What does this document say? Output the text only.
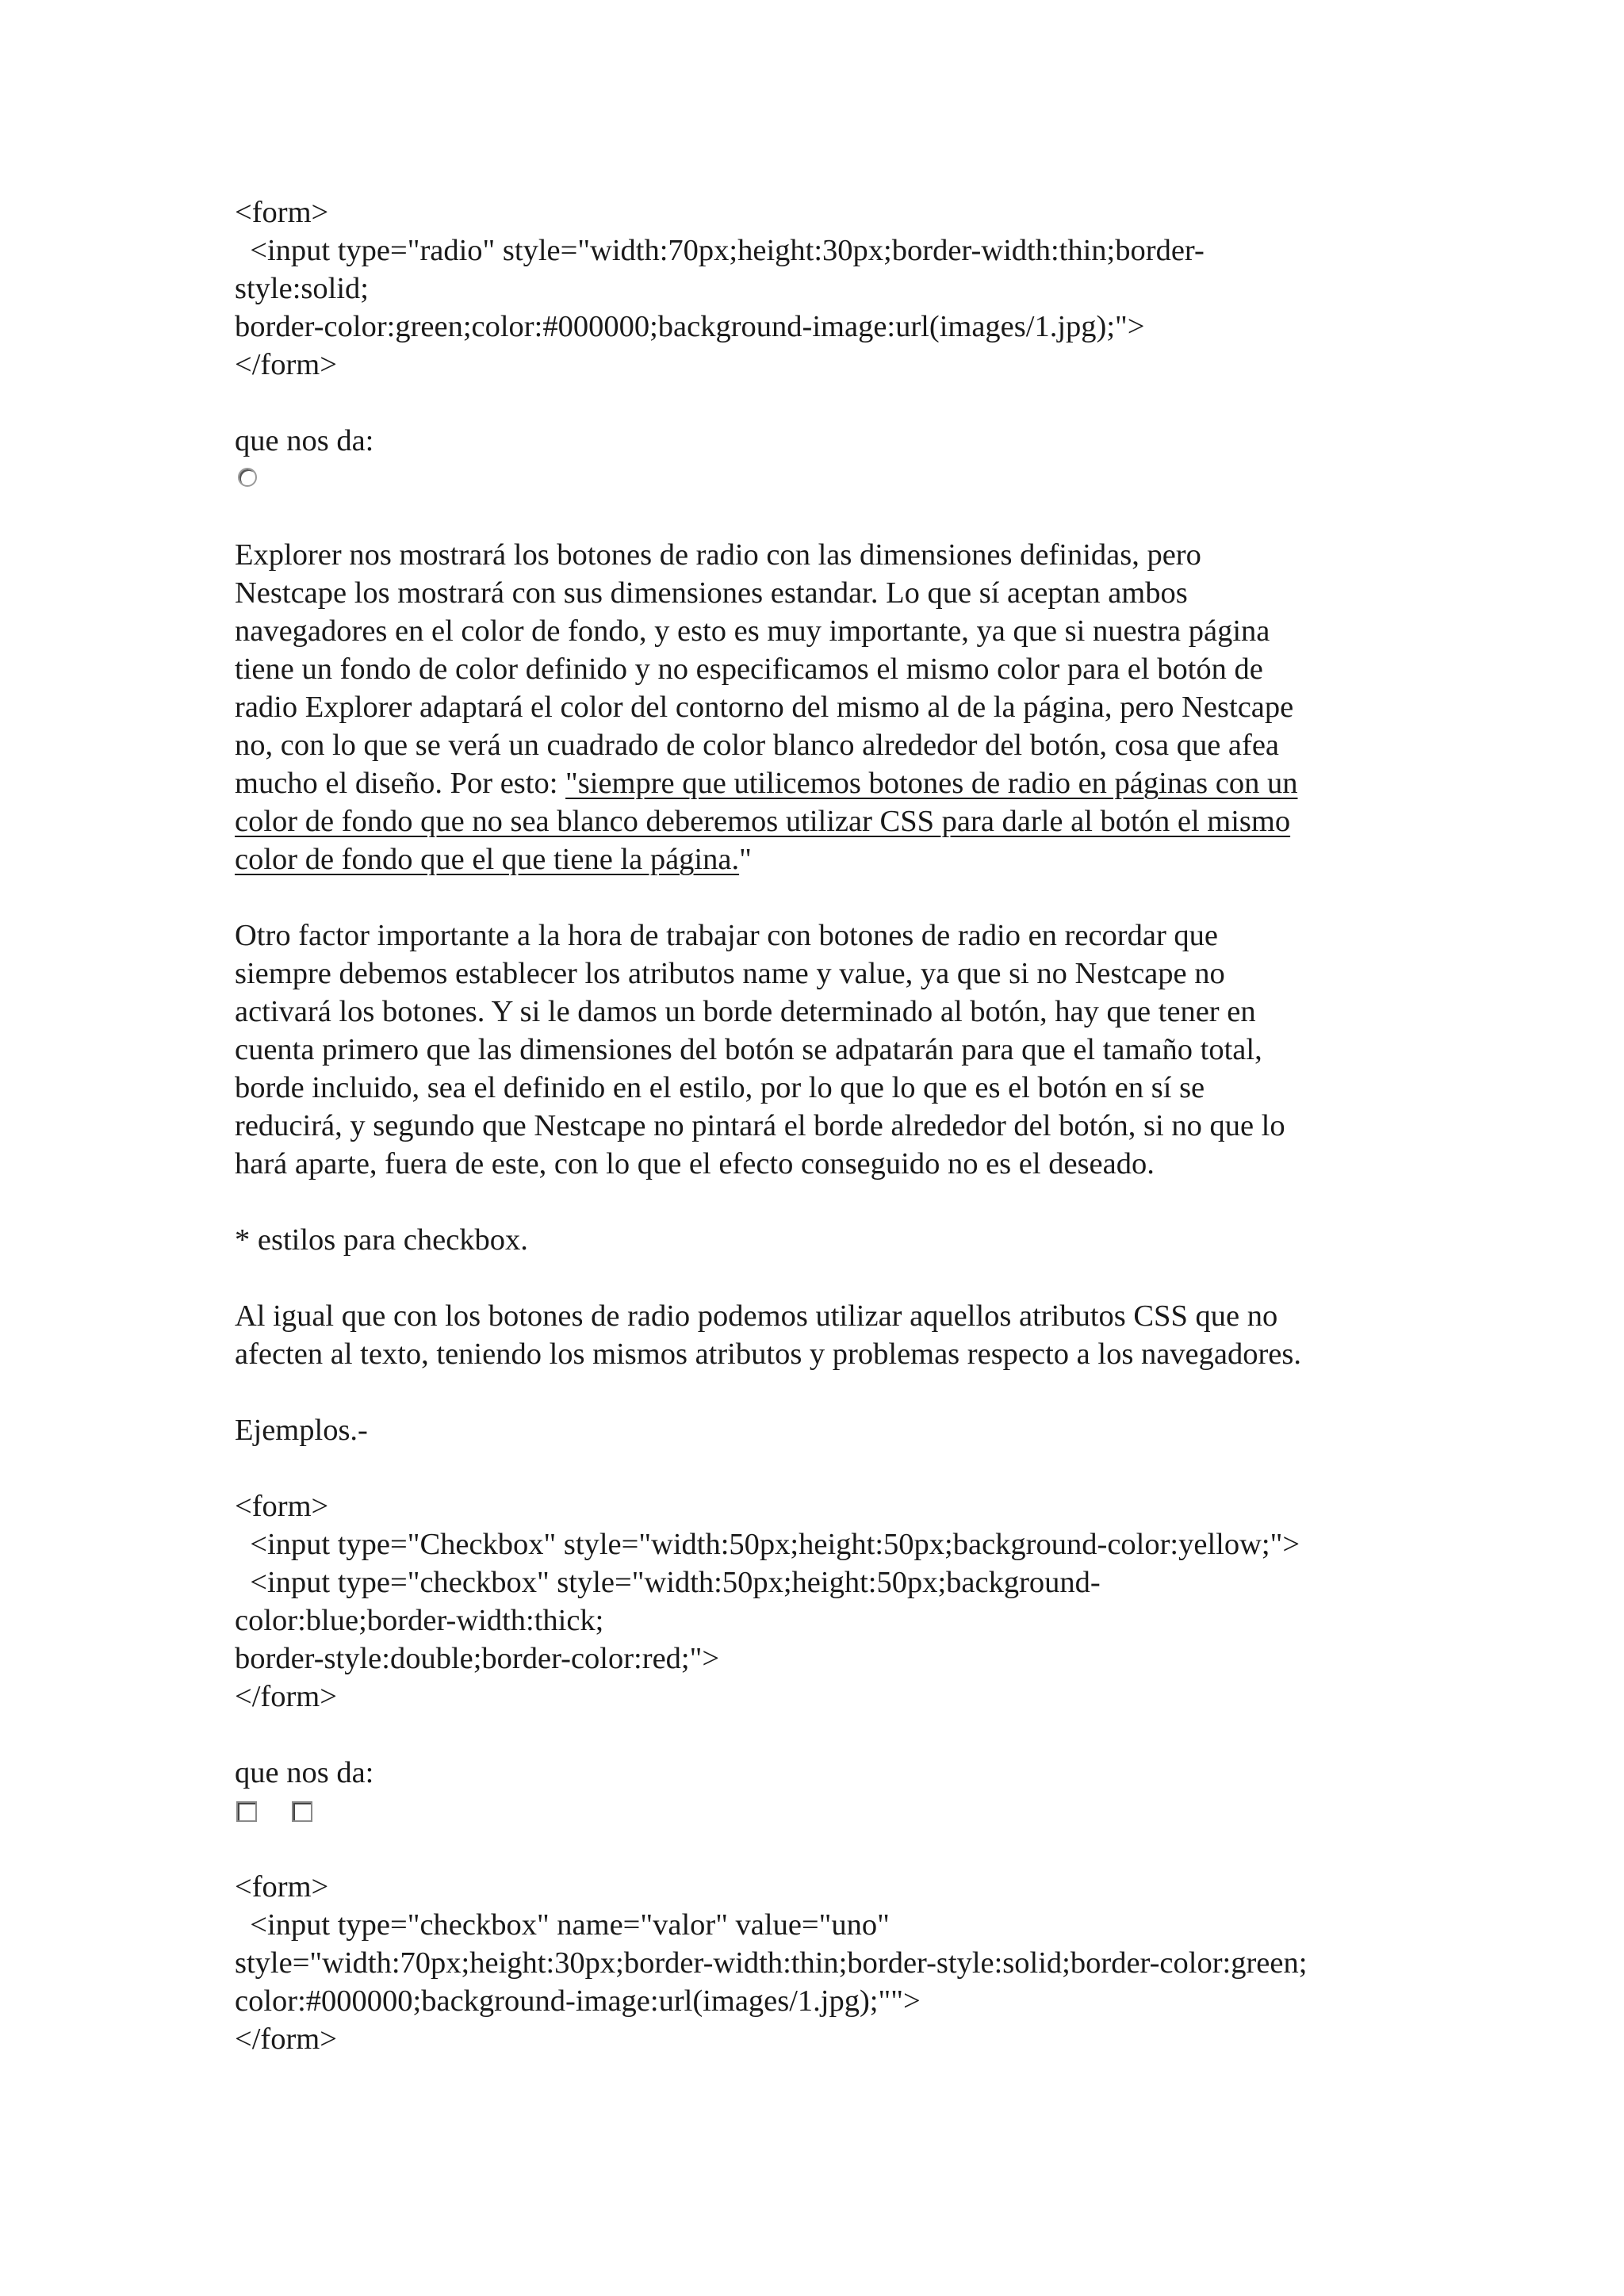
<form>
<input type="radio" style="width:70px;height:30px;border-width:thin;border-
style:solid;
border-color:green;color:#000000;background-image:url(images/1.jpg);">
</form>
que nos da:
Explorer nos mostrará los botones de radio con las dimensiones definidas, pero
Nestcape los mostrará con sus dimensiones estandar. Lo que sí aceptan ambos
navegadores en el color de fondo, y esto es muy importante, ya que si nuestra página
tiene un fondo de color definido y no especificamos el mismo color para el botón de
radio Explorer adaptará el color del contorno del mismo al de la página, pero Nestcape
no, con lo que se verá un cuadrado de color blanco alrededor del botón, cosa que afea
mucho el diseño. Por esto: "siempre que utilicemos botones de radio en páginas con un
color de fondo que no sea blanco deberemos utilizar CSS para darle al botón el mismo
color de fondo que el que tiene la página."
Otro factor importante a la hora de trabajar con botones de radio en recordar que
siempre debemos establecer los atributos name y value, ya que si no Nestcape no
activará los botones. Y si le damos un borde determinado al botón, hay que tener en
cuenta primero que las dimensiones del botón se adpatarán para que el tamaño total,
borde incluido, sea el definido en el estilo, por lo que lo que es el botón en sí se
reducirá, y segundo que Nestcape no pintará el borde alrededor del botón, si no que lo
hará aparte, fuera de este, con lo que el efecto conseguido no es el deseado.
* estilos para checkbox.
Al igual que con los botones de radio podemos utilizar aquellos atributos CSS que no
afecten al texto, teniendo los mismos atributos y problemas respecto a los navegadores.
Ejemplos.-
<form>
<input type="Checkbox" style="width:50px;height:50px;background-color:yellow;">
<input type="checkbox" style="width:50px;height:50px;background-
color:blue;border-width:thick;
border-style:double;border-color:red;">
</form>
que nos da:
<form>
<input type="checkbox" name="valor" value="uno"
style="width:70px;height:30px;border-width:thin;border-style:solid;border-color:green;
color:#000000;background-image:url(images/1.jpg);"">
</form>
